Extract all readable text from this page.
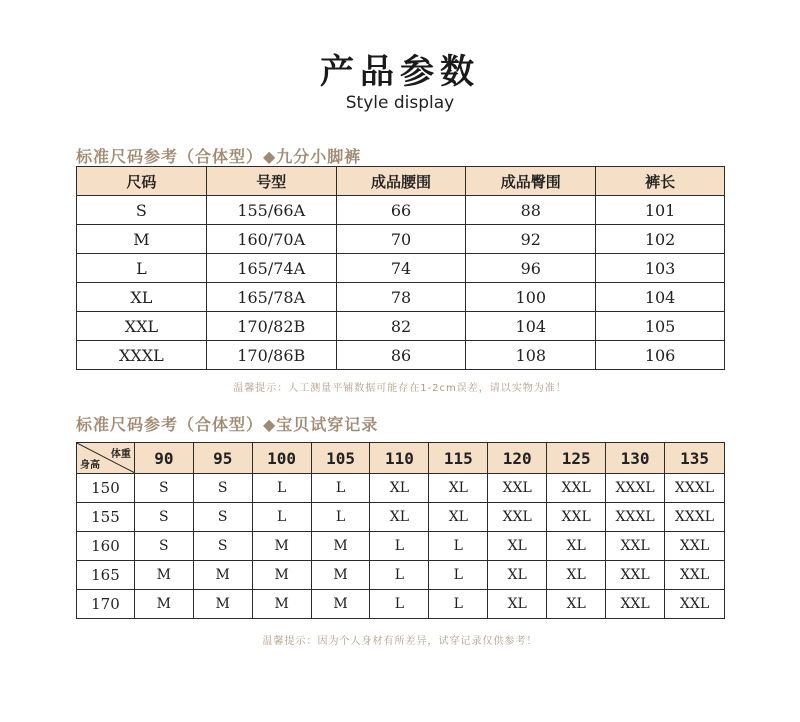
产品参数
Style display
标准尺码参考（合体型）◆九分小脚裤
尺码	号型	成品腰围	成品臀围	裤长
S	155/66A	66	88	101
M	160/70A	70	92	102
L	165/74A	74	96	103
XL	165/78A	78	100	104
XXL	170/82B	82	104	105
XXXL	170/86B	86	108	106
温馨提示：人工测量平铺数据可能存在1-2cm误差，请以实物为准！
标准尺码参考（合体型）◆宝贝试穿记录
体重
身高	90	95	100	105	110	115	120	125	130	135
150	S	S	L	L	XL	XL	XXL	XXL	XXXL	XXXL
155	S	S	L	L	XL	XL	XXL	XXL	XXXL	XXXL
160	S	S	M	M	L	L	XL	XL	XXL	XXL
165	M	M	M	M	L	L	XL	XL	XXL	XXL
170	M	M	M	M	L	L	XL	XL	XXL	XXL
温馨提示：因为个人身材有所差异，试穿记录仅供参考！
